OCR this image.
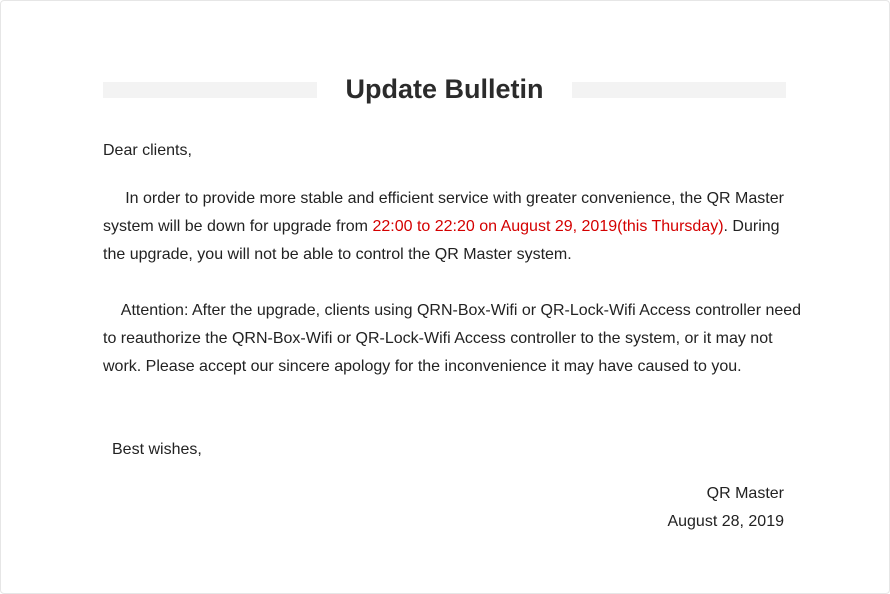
Update Bulletin
Dear clients,
In order to provide more stable and efficient service with greater convenience, the QR Master system will be down for upgrade from 22:00 to 22:20 on August 29, 2019(this Thursday). During the upgrade, you will not be able to control the QR Master system.
Attention: After the upgrade, clients using QRN-Box-Wifi or QR-Lock-Wifi Access controller need to reauthorize the QRN-Box-Wifi or QR-Lock-Wifi Access controller to the system, or it may not work. Please accept our sincere apology for the inconvenience it may have caused to you.
Best wishes,
QR Master
August 28, 2019
